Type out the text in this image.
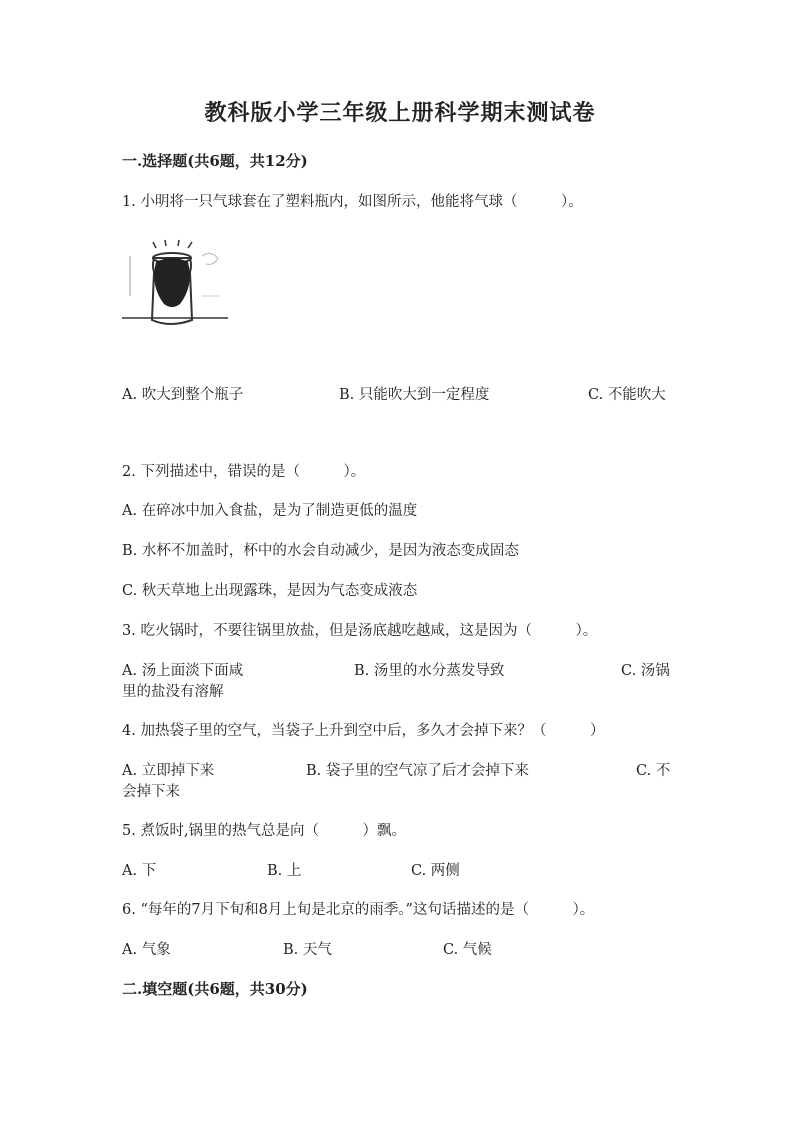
教科版小学三年级上册科学期末测试卷
一.选择题(共6题，共12分)
1. 小明将一只气球套在了塑料瓶内，如图所示，他能将气球（　　　）。
A. 吹大到整个瓶子	B. 只能吹大到一定程度	C. 不能吹大
2. 下列描述中，错误的是（　　　）。
A. 在碎冰中加入食盐，是为了制造更低的温度
B. 水杯不加盖时，杯中的水会自动减少，是因为液态变成固态
C. 秋天草地上出现露珠，是因为气态变成液态
3. 吃火锅时，不要往锅里放盐，但是汤底越吃越咸，这是因为（　　　）。
A. 汤上面淡下面咸	B. 汤里的水分蒸发导致	C. 汤锅
里的盐没有溶解
4. 加热袋子里的空气，当袋子上升到空中后，多久才会掉下来？（　　　）
A. 立即掉下来	B. 袋子里的空气凉了后才会掉下来	C. 不
会掉下来
5. 煮饭时,锅里的热气总是向（　　　）飘。
A. 下	B. 上	C. 两侧
6. “每年的7月下旬和8月上旬是北京的雨季。”这句话描述的是（　　　）。
A. 气象	B. 天气	C. 气候
二.填空题(共6题，共30分)
